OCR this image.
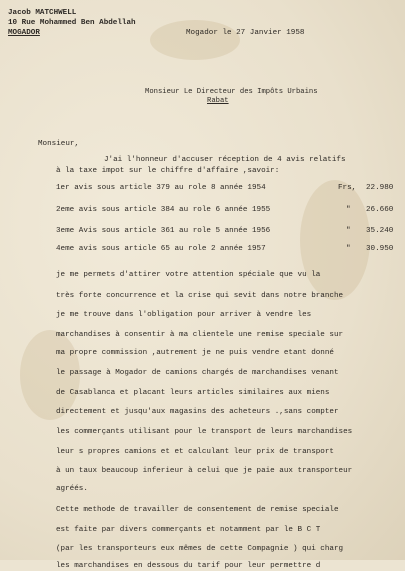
Jacob MATCHWELL
10 Rue Mohammed Ben Abdellah
MOGADOR	Mogador le 27 Janvier 1958
Monsieur Le Directeur des Impôts Urbains
Rabat
Monsieur,
J'ai l'honneur d'accuser réception de 4 avis relatifs
à la taxe impot sur le chiffre d'affaire ,savoir:
1er avis sous article 379 au role 8 année 1954	Frs, 22.980
2eme avis sous article 384 au role 6 année 1955	" 26.660
3eme Avis sous article 361 au role 5 année 1956	" 35.240
4eme avis sous article 65 au role 2 année 1957	" 30.950
je me permets d'attirer votre attention spéciale que vu la
très forte concurrence et la crise qui sevit dans notre branche
je me trouve dans l'obligation pour arriver à vendre les
marchandises à consentir à ma clientele une remise speciale sur
ma propre commission ,autrement je ne puis vendre etant donné
le passage à Mogador de camions chargés de marchandises venant
de Casablanca et placant leurs articles similaires aux miens
directement et jusqu'aux magasins des acheteurs .,sans compter
les commerçants utilisant pour le transport de leurs marchandises
leur s propres camions et et calculant leur prix de transport
à un taux beaucoup inferieur à celui que je paie aux transporteur
agréés.
Cette methode de travailler de consentement de remise speciale
est faite par divers commerçants et notamment par le B C T
(par les transporteurs eux mêmes de cette Compagnie ) qui charg
les marchandises en dessous du tarif pour leur permettre d
